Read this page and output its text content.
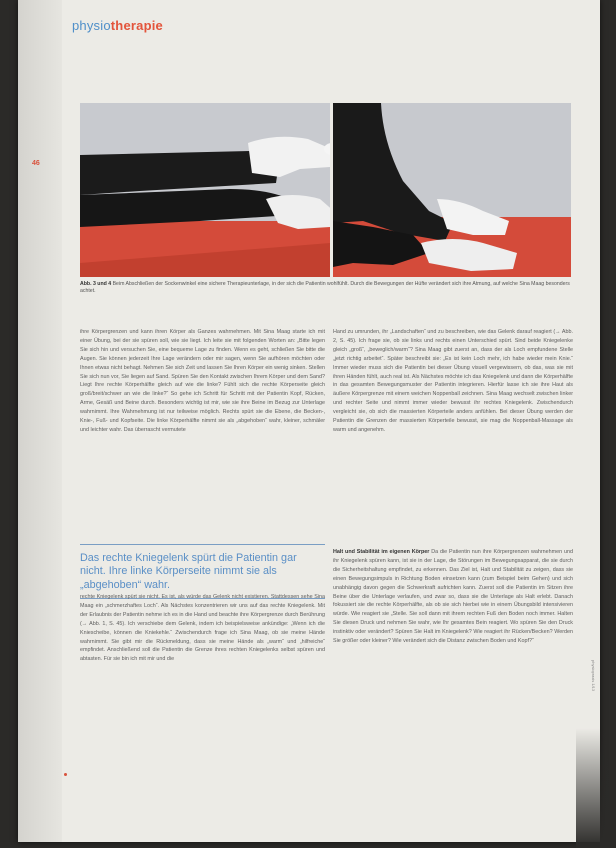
physiotherapie
46
Abb. 3 und 4 Beim Abschließen der Sockenwinkel eine sichere Therapieunterlage, in der sich die Patientin wohlfühlt. Durch die Bewegungen der Hüfte verändert sich ihre Atmung, auf welche Sina Maag besonders achtet.

ihre Körpergrenzen und kann ihren Körper als Ganzes wahrnehmen. Mit Sina Maag starte ich mit einer Übung, bei der sie spüren soll, wie sie liegt. Ich leite sie mit folgenden Worten an: „Bitte legen Sie sich hin und versuchen Sie, eine bequeme Lage zu finden. Wenn es geht, schließen Sie bitte die Augen. Sie können jederzeit Ihre Lage verändern oder mir sagen, wenn Sie aufhören möchten oder Ihnen etwas nicht behagt. Nehmen Sie sich Zeit und lassen Sie Ihren Körper ein wenig sinken. Stellen Sie sich nun vor, Sie liegen auf Sand. Spüren Sie den Kontakt zwischen Ihrem Körper und dem Sand? Liegt Ihre rechte Körperhälfte gleich auf wie die linke? Fühlt sich die rechte Körperseite gleich groß/breit/schwer an wie die linke?“ So gehe ich Schritt für Schritt mit der Patientin Kopf, Rücken, Arme, Gesäß und Beine durch. Besonders wichtig ist mir, wie sie ihre Beine im Bezug zur Unterlage wahrnimmt. Ihre Wahrnehmung ist nur teilweise möglich. Rechts spürt sie die Ebene, die Becken-, Knie-, Fuß- und Kopfseite. Die linke Körperhälfte nimmt sie als „abgehoben“ wahr, kleiner, schmäler und leichter wahr. Das überrascht vermutete

Das rechte Kniegelenk spürt die Patientin gar nicht. Ihre linke Körperseite nimmt sie als „abgehoben“ wahr.

rechte Kniegelenk spürt sie nicht. Es ist, als würde das Gelenk nicht existieren. Stattdessen sehe Sina Maag ein „schmerzhaftes Loch“. Als Nächstes konzentrieren wir uns auf das rechte Kniegelenk. Mit der Erlaubnis der Patientin nehme ich es in die Hand und beachte ihre Körpergrenze durch Berührung (→ Abb. 1, S. 45). Ich verschiebe dem Gelenk, indem ich beispielsweise ankündige: „Wenn ich die Kniescheibe, können die Kniekehle.“ Zwischendurch frage ich Sina Maag, ob sie meine Hände wahrnimmt. Sie gibt mir die Rückmeldung, dass sie meine Hände als „warm“ und „hilfreiche“ empfindet. Anschließend soll die Patientin die Grenze ihres rechten Kniegelenks selbst spüren und abtasten. Für sie bin ich mit mir und die

Hand zu umrunden, ihr „Landschaften“ und zu beschreiben, wie das Gelenk darauf reagiert (→ Abb. 2, S. 45). Ich frage sie, ob sie links und rechts einen Unterschied spürt. Sind beide Kniegelenke gleich „groß“, „beweglich/warm“? Sina Maag gibt zuerst an, dass der als Loch empfundene Stelle „jetzt richtig arbeitet“. Später beschreibt sie: „Es ist kein Loch mehr, ich habe wieder mein Knie.“ Immer wieder muss sich die Patientin bei dieser Übung visuell vergewissern, ob das, was sie mit ihren Händen fühlt, auch real ist. Als Nächstes möchte ich das Kniegelenk und dann die Körperhälfte in das gesamten Bewegungsmuster der Patientin integrieren. Hierfür lasse ich sie ihre Haut als äußere Körpergrenze mit einem weichen Noppenball zeichnen. Sina Maag wechselt zwischen linker und rechter Seite und nimmt immer wieder bewusst ihr rechtes Kniegelenk. Zwischendurch vergleicht sie, ob sich die massierten Körperteile anders anfühlen. Bei dieser Übung werden der Patientin die Grenzen der massierten Körperteile bewusst, sie mag die Noppenball-Massage als warm und angenehm.

Halt und Stabilität im eigenen Körper Da die Patientin nun ihre Körpergrenzen wahrnehmen und ihr Kniegelenk spüren kann, ist sie in der Lage, die Störungen im Bewegungsapparat, die sie durch die Sicherheitshaltung empfindet, zu erkennen. Das Ziel ist, Halt und Stabilität zu zeigen, dass sie einen Bewegungsimpuls in Richtung Boden einsetzen kann (zum Beispiel beim Gehen) und sich unabhängig davon gegen die Schwerkraft aufrichten kann. Zuerst soll die Patientin im Sitzen ihre Beine über die Unterlage verlaufen, und zwar so, dass sie die Unterlage als Halt erlebt. Danach fokussiert sie die rechte Körperhälfte, als ob sie sich hierbei wie in einem Übungsbild intensivieren würde. Wie reagiert sie „Stelle. Sie soll dann mit ihrem rechten Fuß den Boden noch immer. Halten Sie diesen Druck und nehmen Sie wahr, wie Ihr gesamtes Bein reagiert. Wo spüren Sie den Druck instinktiv oder verändert? Spüren Sie Halt im Kniegelenk? Wie reagiert ihr Rücken/Becken? Werden Sie größer oder kleiner? Wie verändert sich die Distanz zwischen Boden und Kopf?“

physiopraxis 1/13
